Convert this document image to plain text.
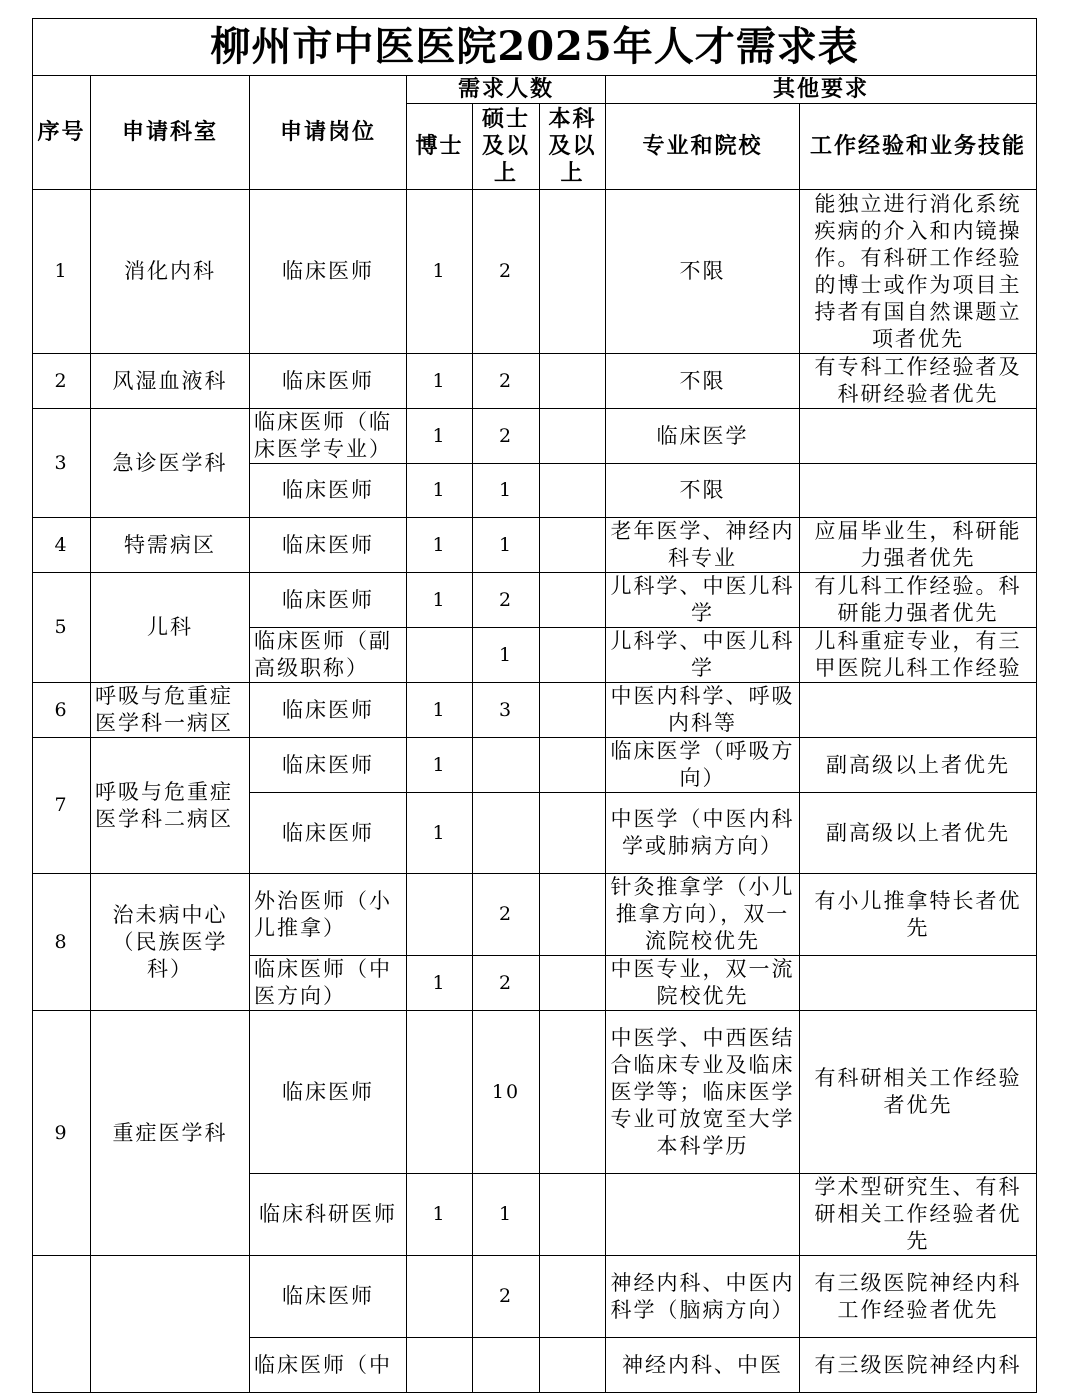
柳州市中医医院2025年人才需求表							
序号	申请科室	申请岗位	需求人数			其他要求	
			博士	硕士及以上	本科及以上	专业和院校	工作经验和业务技能
1	消化内科	临床医师	1	2		不限	能独立进行消化系统疾病的介入和内镜操作。有科研工作经验的博士或作为项目主持者有国自然课题立项者优先
2	风湿血液科	临床医师	1	2		不限	有专科工作经验者及科研经验者优先
3	急诊医学科	临床医师（临床医学专业）	1	2		临床医学	
		临床医师	1	1		不限	
4	特需病区	临床医师	1	1		老年医学、神经内科专业	应届毕业生，科研能力强者优先
5	儿科	临床医师	1	2		儿科学、中医儿科学	有儿科工作经验。科研能力强者优先
		临床医师（副高级职称）		1		儿科学、中医儿科学	儿科重症专业，有三甲医院儿科工作经验
6	呼吸与危重症医学科一病区	临床医师	1	3		中医内科学、呼吸内科等	
7	呼吸与危重症医学科二病区	临床医师	1			临床医学（呼吸方向）	副高级以上者优先
		临床医师	1			中医学（中医内科学或肺病方向）	副高级以上者优先
8	治未病中心（民族医学科）	外治医师（小儿推拿）		2		针灸推拿学（小儿推拿方向），双一流院校优先	有小儿推拿特长者优先
		临床医师（中医方向）	1	2		中医专业，双一流院校优先	
9	重症医学科	临床医师		10		中医学、中西医结合临床专业及临床医学等；临床医学专业可放宽至大学本科学历	有科研相关工作经验者优先
		临床科研医师	1	1			学术型研究生、有科研相关工作经验者优先
		临床医师		2		神经内科、中医内科学（脑病方向）	有三级医院神经内科工作经验者优先
		临床医师（中				神经内科、中医	有三级医院神经内科
